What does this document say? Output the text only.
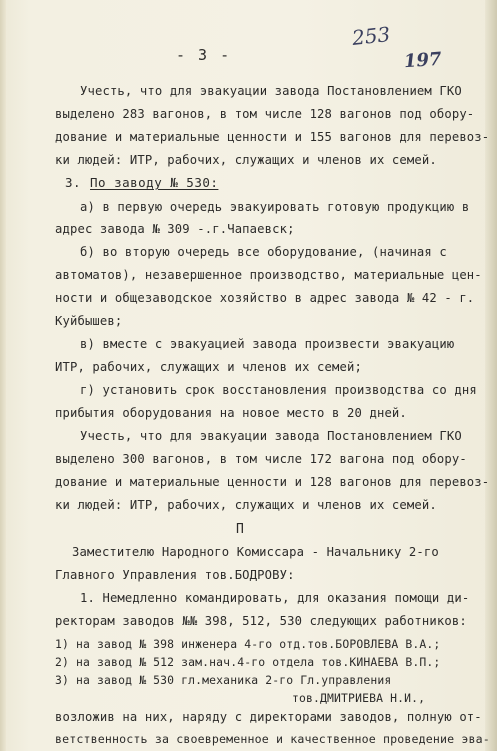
- 3 -
253
197
Учесть, что для эвакуации завода Постановлением ГКО
выделено 283 вагонов, в том числе 128 вагонов под обору-
дование и материальные ценности и 155 вагонов для перевоз-
ки людей: ИТР, рабочих, служащих и членов их семей.
3. По заводу № 530:
а) в первую очередь эвакуировать готовую продукцию в
адрес завода № 309 -.г.Чапаевск;
б) во вторую очередь все оборудование, (начиная с
автоматов), незавершенное производство, материальные цен-
ности и общезаводское хозяйство в адрес завода № 42 - г.
Куйбышев;
в) вместе с эвакуацией завода произвести эвакуацию
ИТР, рабочих, служащих и членов их семей;
г) установить срок восстановления производства со дня
прибытия оборудования на новое место в 20 дней.
Учесть, что для эвакуации завода Постановлением ГКО
выделено 300 вагонов, в том числе 172 вагона под обору-
дование и материальные ценности и 128 вагонов для перевоз-
ки людей: ИТР, рабочих, служащих и членов их семей.
П
Заместителю Народного Комиссара - Начальнику 2-го
Главного Управления тов.БОДРОВУ:
1. Немедленно командировать, для оказания помощи ди-
ректорам заводов №№ 398, 512, 530 следующих работников:
1) на завод № 398 инженера 4-го отд.тов.БОРОВЛЕВА В.А.;
2) на завод № 512 зам.нач.4-го отдела тов.КИНАЕВА В.П.;
3) на завод № 530 гл.механика 2-го Гл.управления
тов.ДМИТРИЕВА Н.И.,
возложив на них, наряду с директорами заводов, полную от-
ветственность за своевременное и качественное проведение эва-
